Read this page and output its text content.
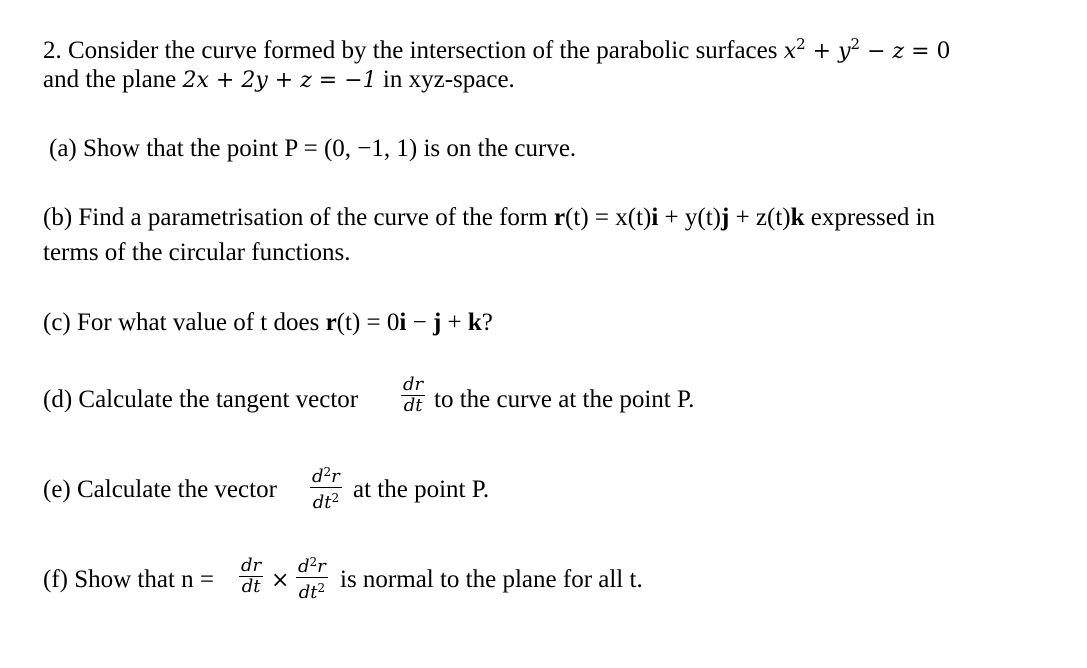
2. Consider the curve formed by the intersection of the parabolic surfaces $x^2 + y^2 - z = 0$
and the plane 2x + 2y + z = −1 in xyz-space.
(a) Show that the point P = (0, −1, 1) is on the curve.
(b) Find a parametrisation of the curve of the form r(t) = x(t)i + y(t)j + z(t)k expressed in
terms of the circular functions.
(c) For what value of t does r(t) = 0i − j + k?
(d) Calculate the tangent vector $\frac{dr}{dt}$ to the curve at the point P.
(e) Calculate the vector $\frac{d^2r}{dt^2}$ at the point P.
(f) Show that $n = \frac{dr}{dt} \times \frac{d^2r}{dt^2}$ is normal to the plane for all t.
